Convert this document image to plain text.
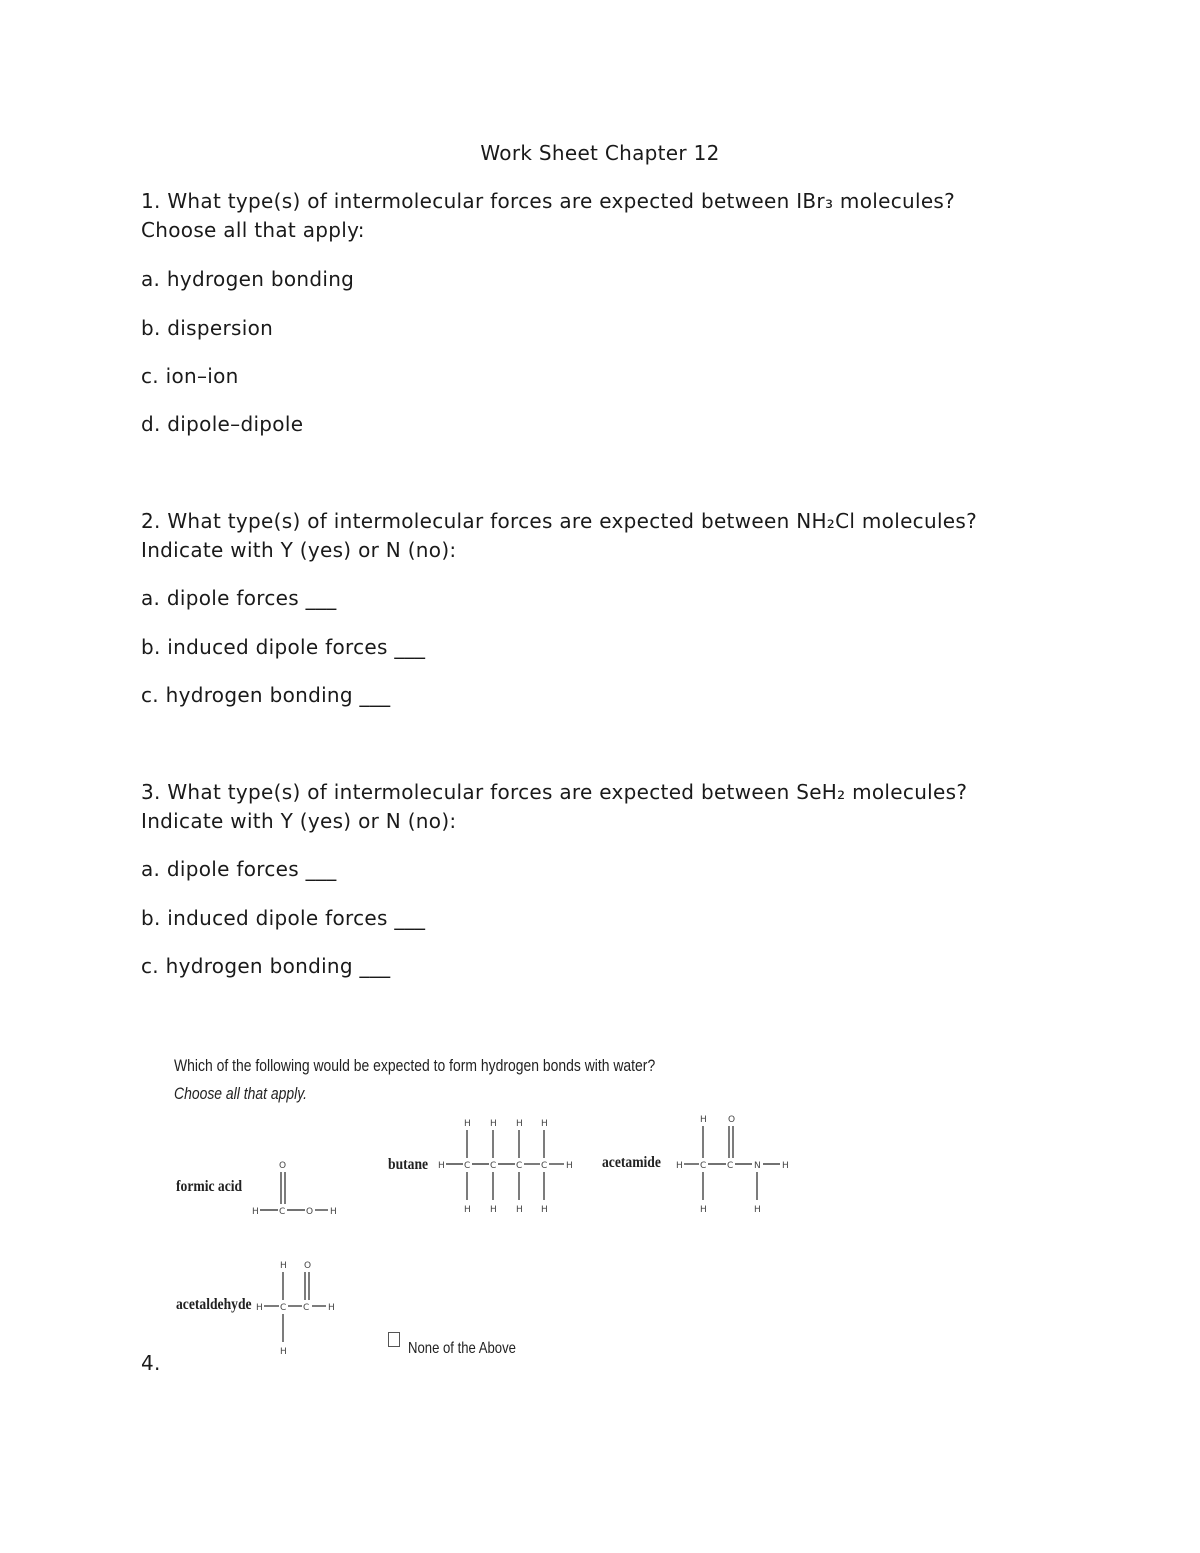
Work Sheet Chapter 12
1. What type(s) of intermolecular forces are expected between IBr₃ molecules?
Choose all that apply:
a. hydrogen bonding
b. dispersion
c. ion–ion
d. dipole–dipole
2. What type(s) of intermolecular forces are expected between NH₂Cl molecules?
Indicate with Y (yes) or N (no):
a. dipole forces ___
b. induced dipole forces ___
c. hydrogen bonding ___
3. What type(s) of intermolecular forces are expected between SeH₂ molecules?
Indicate with Y (yes) or N (no):
a. dipole forces ___
b. induced dipole forces ___
c. hydrogen bonding ___
4.
Which of the following would be expected to form hydrogen bonds with water?
Choose all that apply.
formic acid
O
H C O H
butane
H H H H
H C C C C H
H H H H
acetamide
H O
H C C N H
H	H
acetaldehyde
H O
H C C H
H	None of the Above
